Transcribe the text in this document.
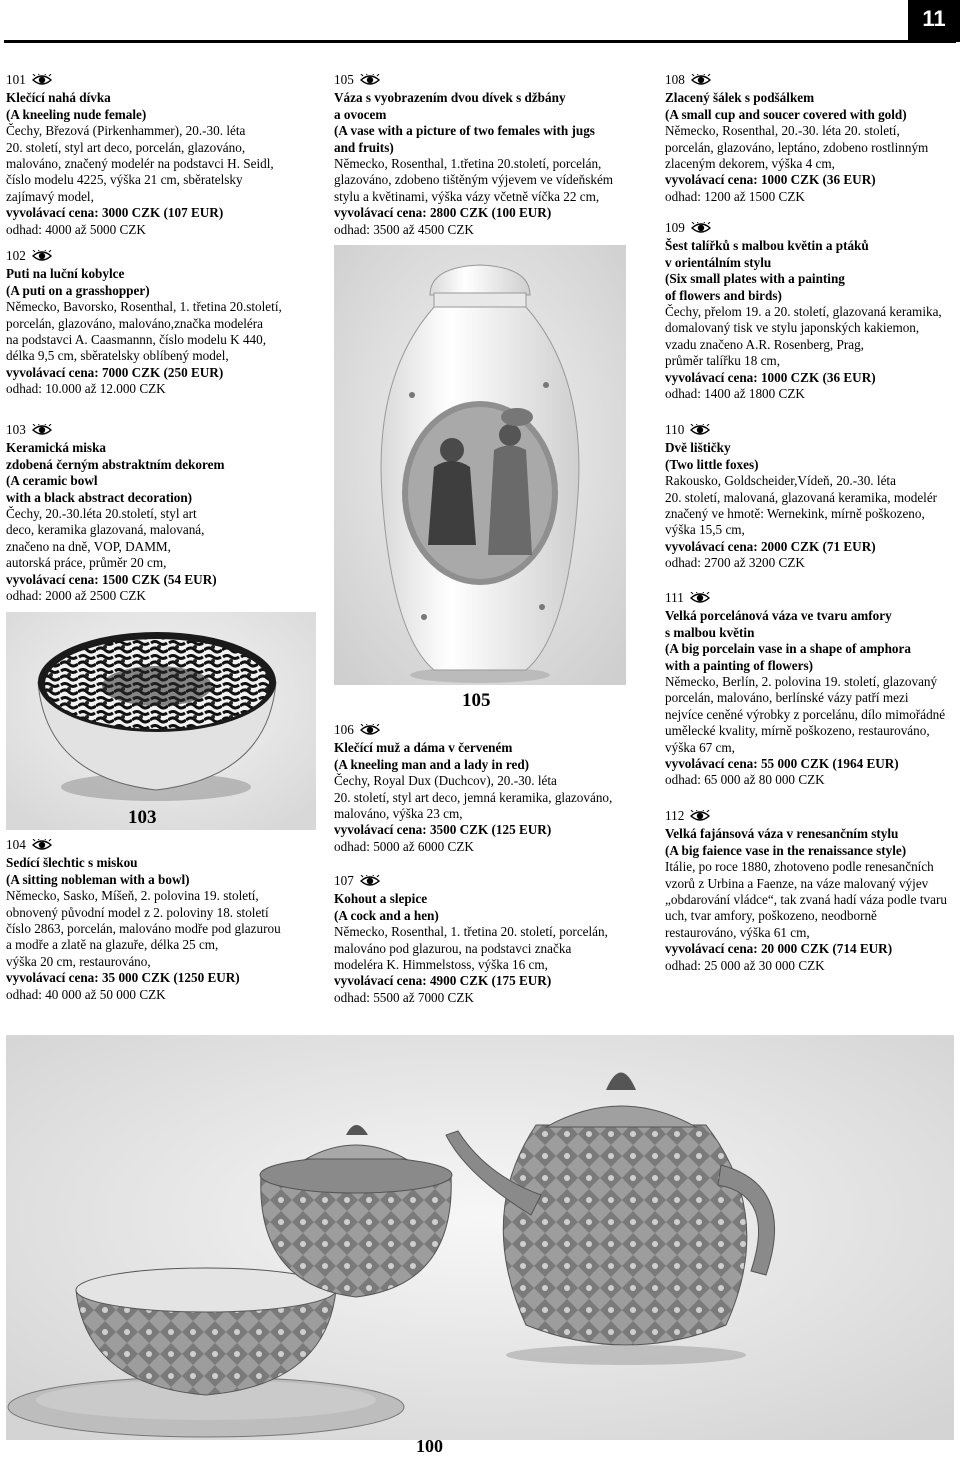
11
101
Klečící nahá dívka
(A kneeling nude female)
Čechy, Březová (Pirkenhammer), 20.-30. léta
20. století, styl art deco, porcelán, glazováno,
malováno, značený modelér na podstavci H. Seidl,
číslo modelu 4225, výška 21 cm, sběratelsky
zajímavý model,
vyvolávací cena: 3000 CZK (107 EUR)
odhad: 4000 až 5000 CZK
102
Puti na luční kobylce
(A puti on a grasshopper)
Německo, Bavorsko, Rosenthal, 1. třetina 20.století,
porcelán, glazováno, malováno,značka modeléra
na podstavci A. Caasmannn, číslo modelu K 440,
délka 9,5 cm, sběratelsky oblíbený model,
vyvolávací cena: 7000 CZK (250 EUR)
odhad: 10.000 až 12.000 CZK
103
Keramická miska
zdobená černým abstraktním dekorem
(A ceramic bowl
with a black abstract decoration)
Čechy, 20.-30.léta 20.století, styl art
deco, keramika glazovaná, malovaná,
značeno na dně, VOP, DAMM,
autorská práce, průměr 20 cm,
vyvolávací cena: 1500 CZK (54 EUR)
odhad: 2000 až 2500 CZK
104
Sedící šlechtic s miskou
(A sitting nobleman with a bowl)
Německo, Sasko, Míšeň, 2. polovina 19. století,
obnovený původní model z 2. poloviny 18. století
číslo 2863, porcelán, malováno modře pod glazurou
a modře a zlatě na glazuře, délka 25 cm,
výška 20 cm, restaurováno,
vyvolávací cena: 35 000 CZK (1250 EUR)
odhad: 40 000 až 50 000 CZK
105
Váza s vyobrazením dvou dívek s džbány
a ovocem
(A vase with a picture of two females with jugs
and fruits)
Německo, Rosenthal, 1.třetina 20.století, porcelán,
glazováno, zdobeno tištěným výjevem ve vídeňském
stylu a květinami, výška vázy včetně víčka 22 cm,
vyvolávací cena: 2800 CZK (100 EUR)
odhad: 3500 až 4500 CZK
106
Klečící muž a dáma v červeném
(A kneeling man and a lady in red)
Čechy, Royal Dux (Duchcov), 20.-30. léta
20. století, styl art deco, jemná keramika, glazováno,
malováno, výška 23 cm,
vyvolávací cena: 3500 CZK (125 EUR)
odhad: 5000 až 6000 CZK
107
Kohout a slepice
(A cock and a hen)
Německo, Rosenthal, 1. třetina 20. století, porcelán,
malováno pod glazurou, na podstavci značka
modeléra K. Himmelstoss, výška 16 cm,
vyvolávací cena: 4900 CZK (175 EUR)
odhad: 5500 až 7000 CZK
108
Zlacený šálek s podšálkem
(A small cup and soucer covered with gold)
Německo, Rosenthal, 20.-30. léta 20. století,
porcelán, glazováno, leptáno, zdobeno rostlinným
zlaceným dekorem, výška 4 cm,
vyvolávací cena: 1000 CZK (36 EUR)
odhad: 1200 až 1500 CZK
109
Šest talířků s malbou květin a ptáků
v orientálním stylu
(Six small plates with a painting
of flowers and birds)
Čechy, přelom 19. a 20. století, glazovaná keramika,
domalovaný tisk ve stylu japonských kakiemon,
vzadu značeno A.R. Rosenberg, Prag,
průměr talířku 18 cm,
vyvolávací cena: 1000 CZK (36 EUR)
odhad: 1400 až 1800 CZK
110
Dvě lištičky
(Two little foxes)
Rakousko, Goldscheider,Vídeň, 20.-30. léta
20. století, malovaná, glazovaná keramika, modelér
značený ve hmotě: Wernekink, mírně poškozeno,
výška 15,5 cm,
vyvolávací cena: 2000 CZK (71 EUR)
odhad: 2700 až 3200 CZK
111
Velká porcelánová váza ve tvaru amfory
s malbou květin
(A big porcelain vase in a shape of amphora
with a painting of flowers)
Německo, Berlín, 2. polovina 19. století, glazovaný
porcelán, malováno, berlínské vázy patří mezi
nejvíce ceněné výrobky z porcelánu, dílo mimořádné
umělecké kvality, mírně poškozeno, restaurováno,
výška 67 cm,
vyvolávací cena: 55 000 CZK (1964 EUR)
odhad: 65 000 až 80 000 CZK
112
Velká fajánsová váza v renesančním stylu
(A big faience vase in the renaissance style)
Itálie, po roce 1880, zhotoveno podle renesančních
vzorů z Urbina a Faenze, na váze malovaný výjev
„obdarování vládce“, tak zvaná hadí váza podle tvaru
uch, tvar amfory, poškozeno, neodborně
restaurováno, výška 61 cm,
vyvolávací cena: 20 000 CZK (714 EUR)
odhad: 25 000 až 30 000 CZK
103
105
100
